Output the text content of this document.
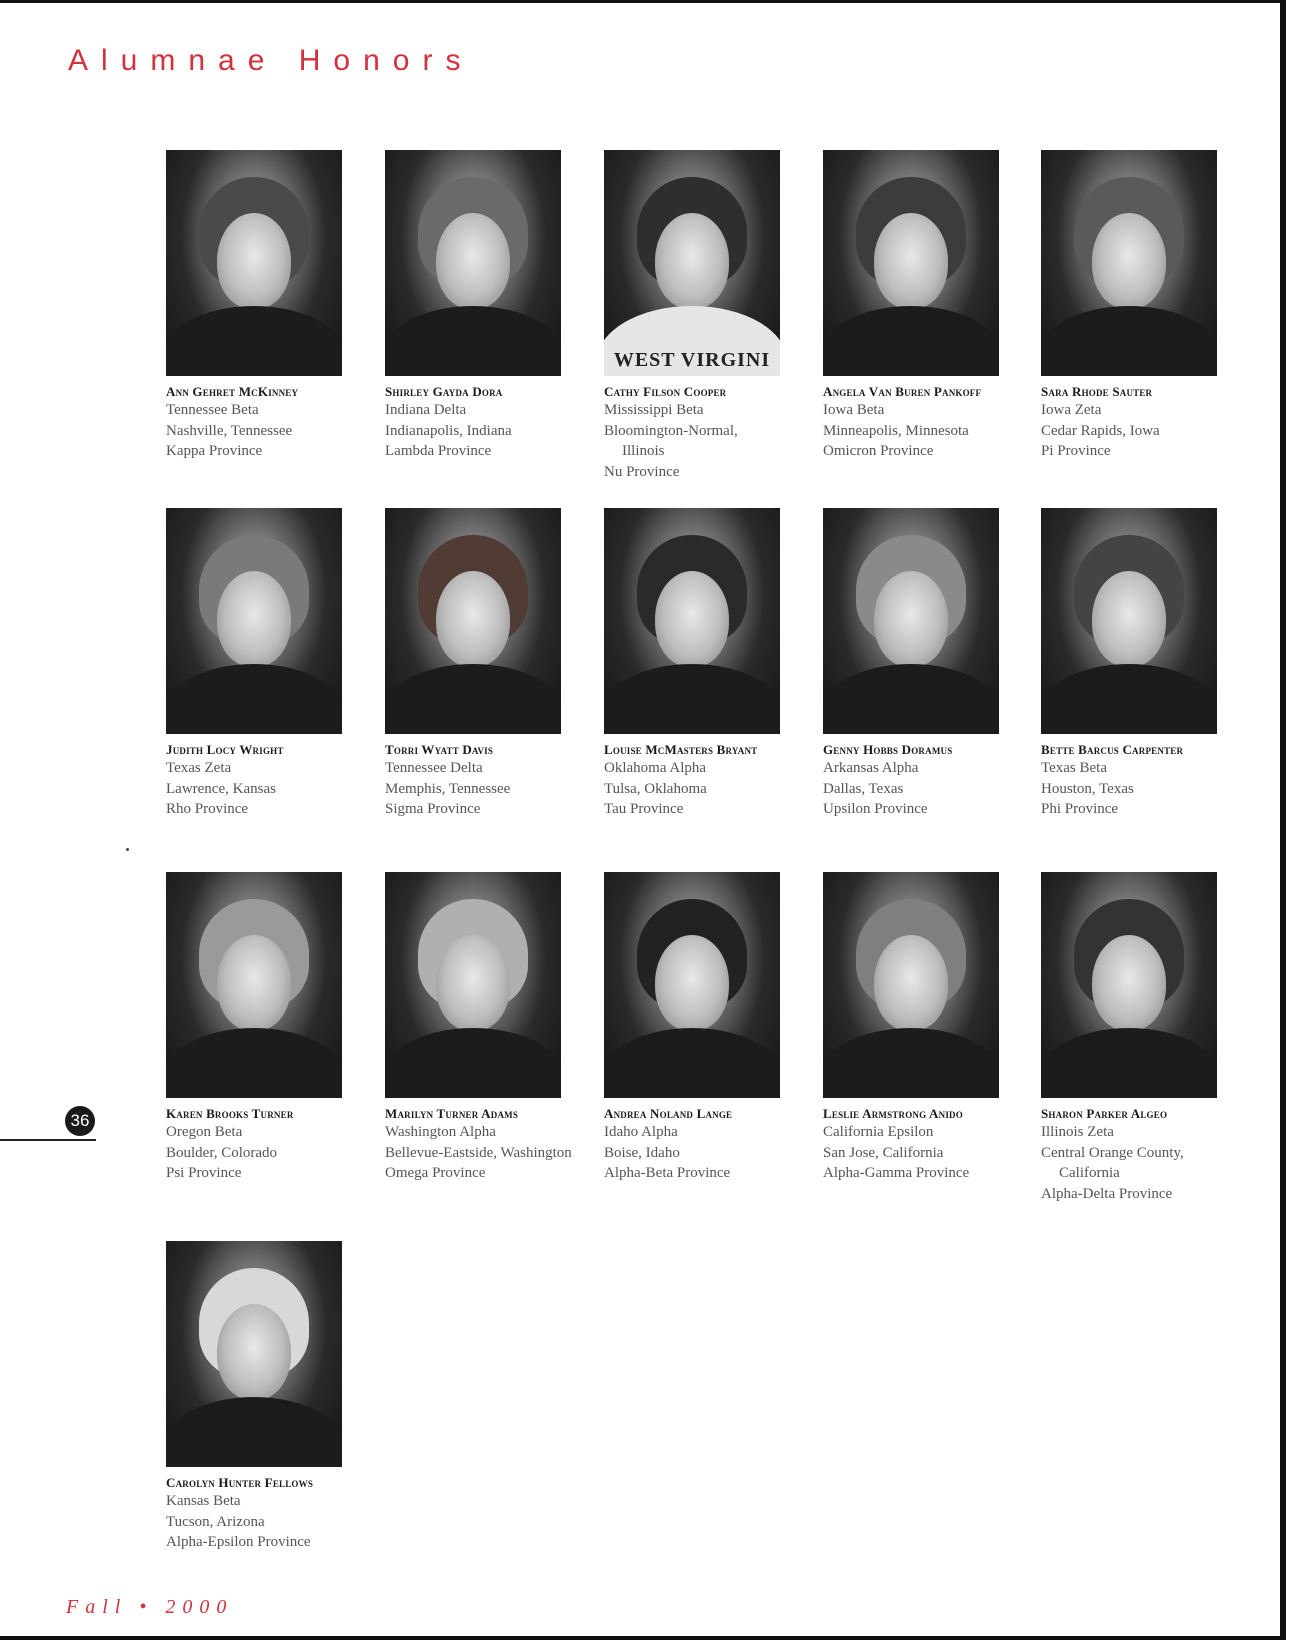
Alumnae Honors
Ann Gehret McKinney
Tennessee Beta
Nashville, Tennessee
Kappa Province
Shirley Gayda Dora
Indiana Delta
Indianapolis, Indiana
Lambda Province
WEST VIRGINI
Cathy Filson Cooper
Mississippi Beta
Bloomington-Normal,
Illinois
Nu Province
Angela Van Buren Pankoff
Iowa Beta
Minneapolis, Minnesota
Omicron Province
Sara Rhode Sauter
Iowa Zeta
Cedar Rapids, Iowa
Pi Province
Judith Locy Wright
Texas Zeta
Lawrence, Kansas
Rho Province
Torri Wyatt Davis
Tennessee Delta
Memphis, Tennessee
Sigma Province
Louise McMasters Bryant
Oklahoma Alpha
Tulsa, Oklahoma
Tau Province
Genny Hobbs Doramus
Arkansas Alpha
Dallas, Texas
Upsilon Province
Bette Barcus Carpenter
Texas Beta
Houston, Texas
Phi Province
Karen Brooks Turner
Oregon Beta
Boulder, Colorado
Psi Province
Marilyn Turner Adams
Washington Alpha
Bellevue-Eastside, Washington
Omega Province
Andrea Noland Lange
Idaho Alpha
Boise, Idaho
Alpha-Beta Province
Leslie Armstrong Anido
California Epsilon
San Jose, California
Alpha-Gamma Province
Sharon Parker Algeo
Illinois Zeta
Central Orange County,
California
Alpha-Delta Province
Carolyn Hunter Fellows
Kansas Beta
Tucson, Arizona
Alpha-Epsilon Province
36
Fall • 2000
